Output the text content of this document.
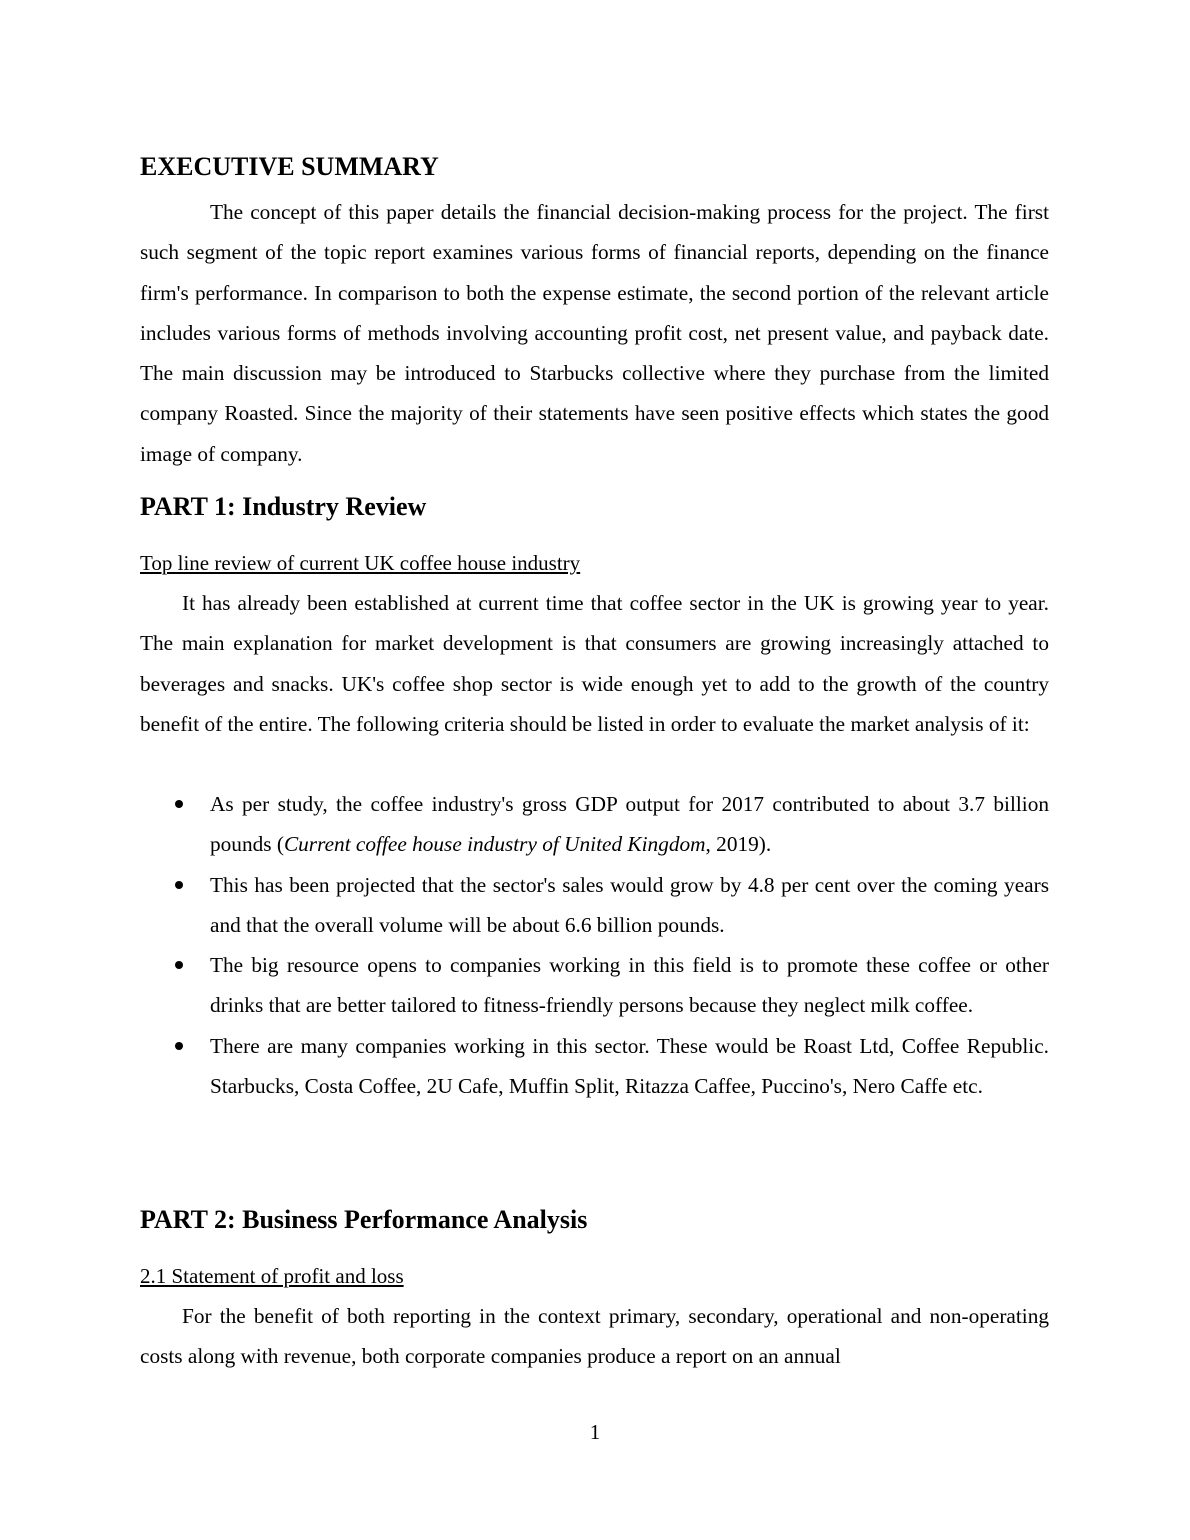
EXECUTIVE SUMMARY

The concept of this paper details the financial decision-making process for the project. The first such segment of the topic report examines various forms of financial reports, depending on the finance firm's performance. In comparison to both the expense estimate, the second portion of the relevant article includes various forms of methods involving accounting profit cost, net present value, and payback date. The main discussion may be introduced to Starbucks collective where they purchase from the limited company Roasted. Since the majority of their statements have seen positive effects which states the good image of company.

PART 1: Industry Review
Top line review of current UK coffee house industry

It has already been established at current time that coffee sector in the UK is growing year to year. The main explanation for market development is that consumers are growing increasingly attached to beverages and snacks. UK's coffee shop sector is wide enough yet to add to the growth of the country benefit of the entire. The following criteria should be listed in order to evaluate the market analysis of it:

As per study, the coffee industry's gross GDP output for 2017 contributed to about 3.7 billion pounds (Current coffee house industry of United Kingdom, 2019).
This has been projected that the sector's sales would grow by 4.8 per cent over the coming years and that the overall volume will be about 6.6 billion pounds.
The big resource opens to companies working in this field is to promote these coffee or other drinks that are better tailored to fitness-friendly persons because they neglect milk coffee.
There are many companies working in this sector. These would be Roast Ltd, Coffee Republic. Starbucks, Costa Coffee, 2U Cafe, Muffin Split, Ritazza Caffee, Puccino's, Nero Caffe etc.
PART 2: Business Performance Analysis
2.1 Statement of profit and loss

For the benefit of both reporting in the context primary, secondary, operational and non-operating costs along with revenue, both corporate companies produce a report on an annual

1
